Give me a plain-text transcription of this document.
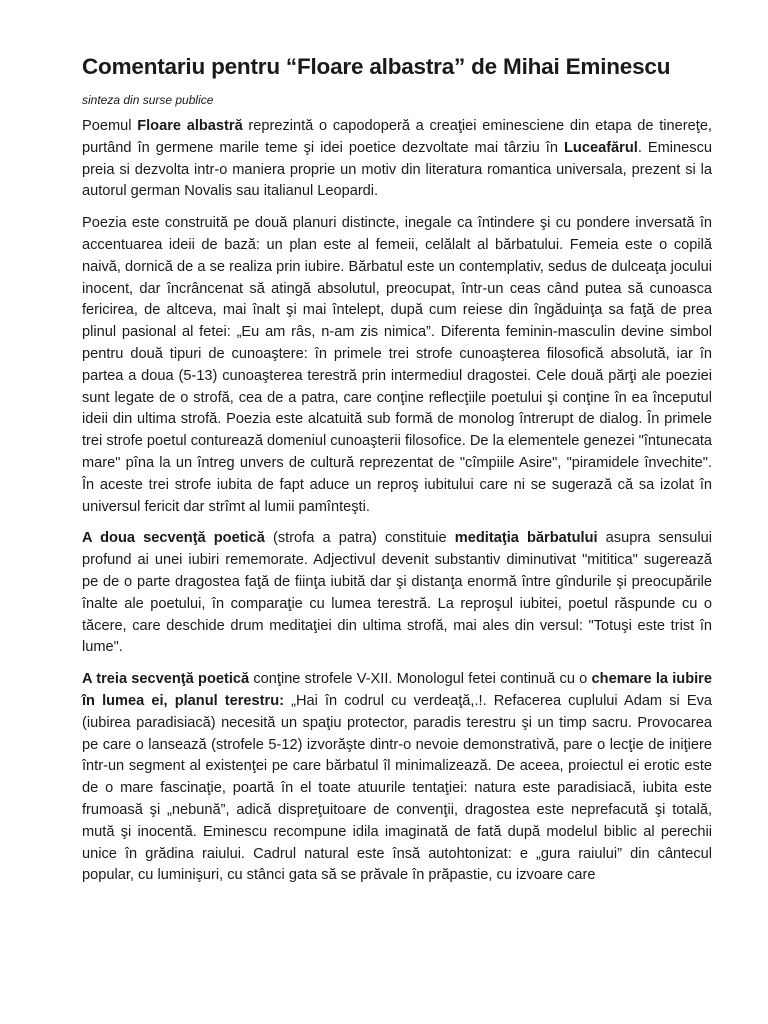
Comentariu pentru “Floare albastra” de Mihai Eminescu

sinteza din surse publice

Poemul Floare albastră reprezintă o capodoperă a creaţiei eminesciene din etapa de tinereţe, purtând în germene marile teme şi idei poetice dezvoltate mai târziu în Luceafărul. Eminescu preia si dezvolta intr-o maniera proprie un motiv din literatura romantica universala, prezent si la autorul german Novalis sau italianul Leopardi.

Poezia este construită pe două planuri distincte, inegale ca întindere şi cu pondere inversată în accentuarea ideii de bază: un plan este al femeii, celălalt al bărbatului. Femeia este o copilă naivă, dornică de a se realiza prin iubire. Bărbatul este un contemplativ, sedus de dulceaţa jocului inocent, dar încrâncenat să atingă absolutul, preocupat, într-un ceas când putea să cunoasca fericirea, de altceva, mai înalt şi mai întelept, după cum reiese din îngăduinţa sa faţă de prea plinul pasional al fetei: „Eu am râs, n-am zis nimica”. Diferenta feminin-masculin devine simbol pentru două tipuri de cunoaştere: în primele trei strofe cunoaşterea filosofică absolută, iar în partea a doua (5-13) cunoaşterea terestră prin intermediul dragostei. Cele două părţi ale poeziei sunt legate de o strofă, cea de a patra, care conţine reflecţiile poetului şi conţine în ea începutul ideii din ultima strofă. Poezia este alcatuită sub formă de monolog întrerupt de dialog. În primele trei strofe poetul conturează domeniul cunoaşterii filosofice. De la elementele genezei "întunecata mare" pîna la un întreg unvers de cultură reprezentat de "cîmpiile Asire", "piramidele învechite". În aceste trei strofe iubita de fapt aduce un reproş iubitului care ni se sugerază că sa izolat în universul fericit dar strîmt al lumii pamînteşti.

A doua secvenţă poetică (strofa a patra) constituie meditaţia bărbatului asupra sensului profund ai unei iubiri rememorate. Adjectivul devenit substantiv diminutivat "mititica" sugerează pe de o parte dragostea faţă de fiinţa iubită dar şi distanţa enormă între gîndurile şi preocupările înalte ale poetului, în comparaţie cu lumea terestră. La reproşul iubitei, poetul răspunde cu o tăcere, care deschide drum meditaţiei din ultima strofă, mai ales din versul: "Totuşi este trist în lume".

A treia secvenţă poetică conţine strofele V-XII. Monologul fetei continuă cu o chemare la iubire în lumea ei, planul terestru: „Hai în codrul cu verdeaţă,.!. Refacerea cuplului Adam si Eva (iubirea paradisiacă) necesită un spaţiu protector, paradis terestru şi un timp sacru. Provocarea pe care o lansează (strofele 5-12) izvorăşte dintr-o nevoie demonstrativă, pare o lecţie de iniţiere într-un segment al existenţei pe care bărbatul îl minimalizează. De aceea, proiectul ei erotic este de o mare fascinaţie, poartă în el toate atuurile tentaţiei: natura este paradisiacă, iubita este frumoasă şi „nebună”, adică dispreţuitoare de convenţii, dragostea este neprefacută şi totală, mută şi inocentă. Eminescu recompune idila imaginată de fată după modelul biblic al perechii unice în grădina raiului. Cadrul natural este însă autohtonizat: e „gura raiului” din cântecul popular, cu luminişuri, cu stânci gata să se prăvale în prăpastie, cu izvoare care
